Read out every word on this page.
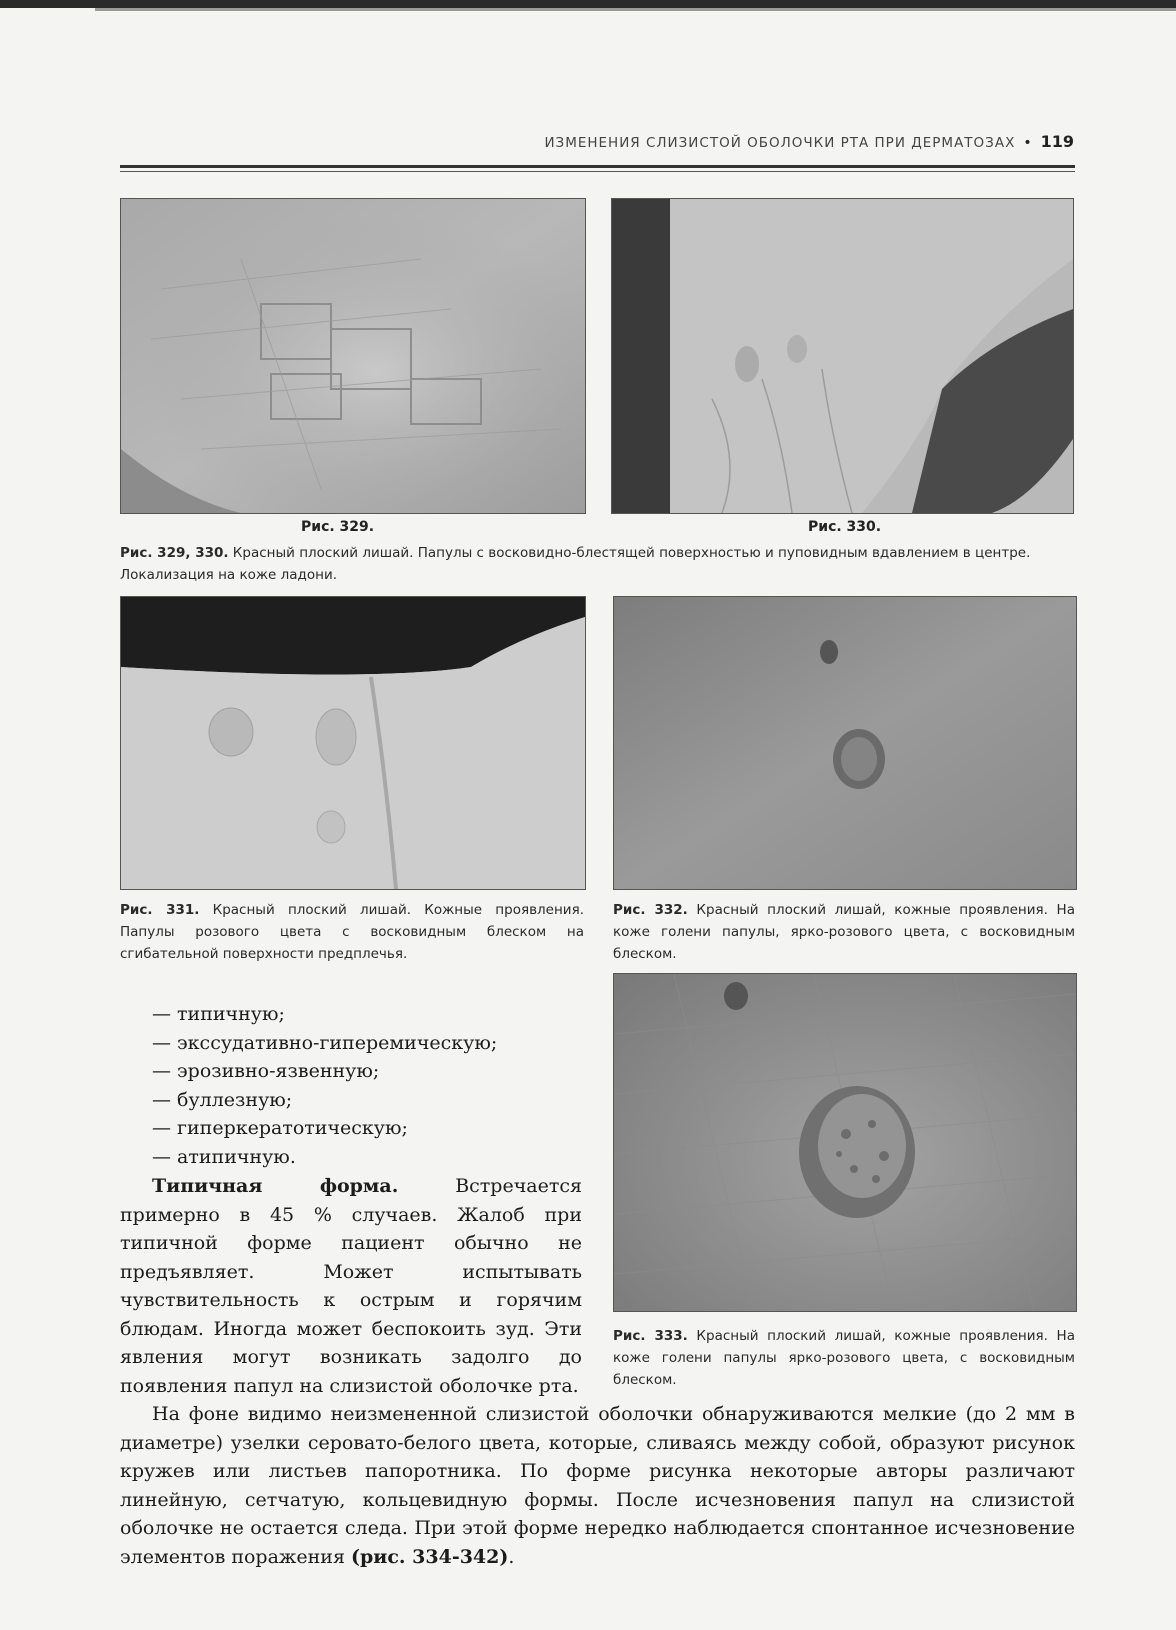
ИЗМЕНЕНИЯ СЛИЗИСТОЙ ОБОЛОЧКИ РТА ПРИ ДЕРМАТОЗАХ • 119
Рис. 329.	Рис. 330.
Рис. 329, 330. Красный плоский лишай. Папулы с восковидно-блестящей поверхностью и пуповидным вдавлением в центре. Локализация на коже ладони.
Рис. 331. Красный плоский лишай. Кожные проявления. Папулы розового цвета с восковидным блеском на сгибательной поверхности предплечья.
Рис. 332. Красный плоский лишай, кожные проявления. На коже голени папулы, ярко-розового цвета, с восковидным блеском.
Рис. 333. Красный плоский лишай, кожные проявления. На коже голени папулы ярко-розового цвета, с восковидным блеском.
— типичную;
— экссудативно-гиперемическую;
— эрозивно-язвенную;
— буллезную;
— гиперкератотическую;
— атипичную.

Типичная форма. Встречается примерно в 45 % случаев. Жалоб при типичной форме пациент обычно не предъявляет. Может испытывать чувствительность к острым и горячим блюдам. Иногда может беспокоить зуд. Эти явления могут возникать задолго до появления папул на слизистой оболочке рта.

На фоне видимо неизмененной слизистой оболочки обнаруживаются мелкие (до 2 мм в диаметре) узелки серовато-белого цвета, которые, сливаясь между собой, образуют рисунок кружев или листьев папоротника. По форме рисунка некоторые авторы различают линейную, сетчатую, кольцевидную формы. После исчезновения папул на слизистой оболочке не остается следа. При этой форме нередко наблюдается спонтанное исчезновение элементов поражения (рис. 334-342).
